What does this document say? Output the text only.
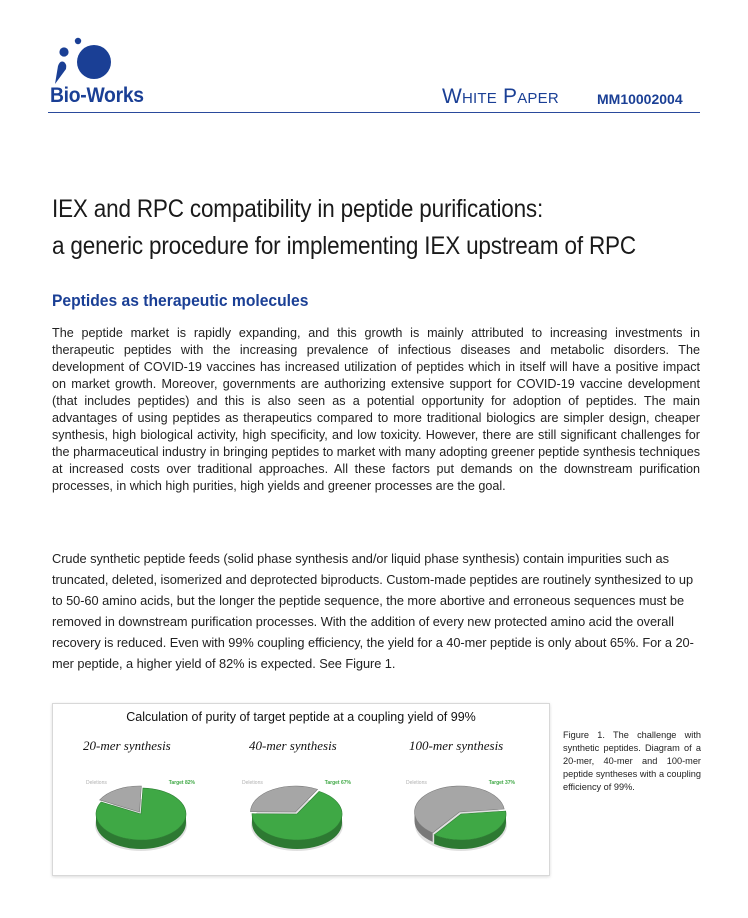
Bio-Works	White Paper	MM10002004
IEX and RPC compatibility in peptide purifications:
a generic procedure for implementing IEX upstream of RPC
Peptides as therapeutic molecules

The peptide market is rapidly expanding, and this growth is mainly attributed to increasing investments in therapeutic peptides with the increasing prevalence of infectious diseases and metabolic disorders. The development of COVID-19 vaccines has increased utilization of peptides which in itself will have a positive impact on market growth. Moreover, governments are authorizing extensive support for COVID-19 vaccine development (that includes peptides) and this is also seen as a potential opportunity for adoption of peptides. The main advantages of using peptides as therapeutics compared to more traditional biologics are simpler design, cheaper synthesis, high biological activity, high specificity, and low toxicity. However, there are still significant challenges for the pharmaceutical industry in bringing peptides to market with many adopting greener peptide synthesis techniques at increased costs over traditional approaches. All these factors put demands on the downstream purification processes, in which high purities, high yields and greener processes are the goal.

Crude synthetic peptide feeds (solid phase synthesis and/or liquid phase synthesis) contain impurities such as truncated, deleted, isomerized and deprotected biproducts. Custom-made peptides are routinely synthesized to up to 50-60 amino acids, but the longer the peptide sequence, the more abortive and erroneous sequences must be removed in downstream purification processes. With the addition of every new protected amino acid the overall recovery is reduced. Even with 99% coupling efficiency, the yield for a 40-mer peptide is only about 65%. For a 20-mer peptide, a higher yield of 82% is expected. See Figure 1.

Calculation of purity of target peptide at a coupling yield of 99%
20-mer synthesis	40-mer synthesis	100-mer synthesis
Deletions	Target 82%	Deletions	Target 67%	Deletions	Target 37%
Figure 1. The challenge with synthetic peptides. Diagram of a 20-mer, 40-mer and 100-mer peptide syntheses with a coupling efficiency of 99%.
